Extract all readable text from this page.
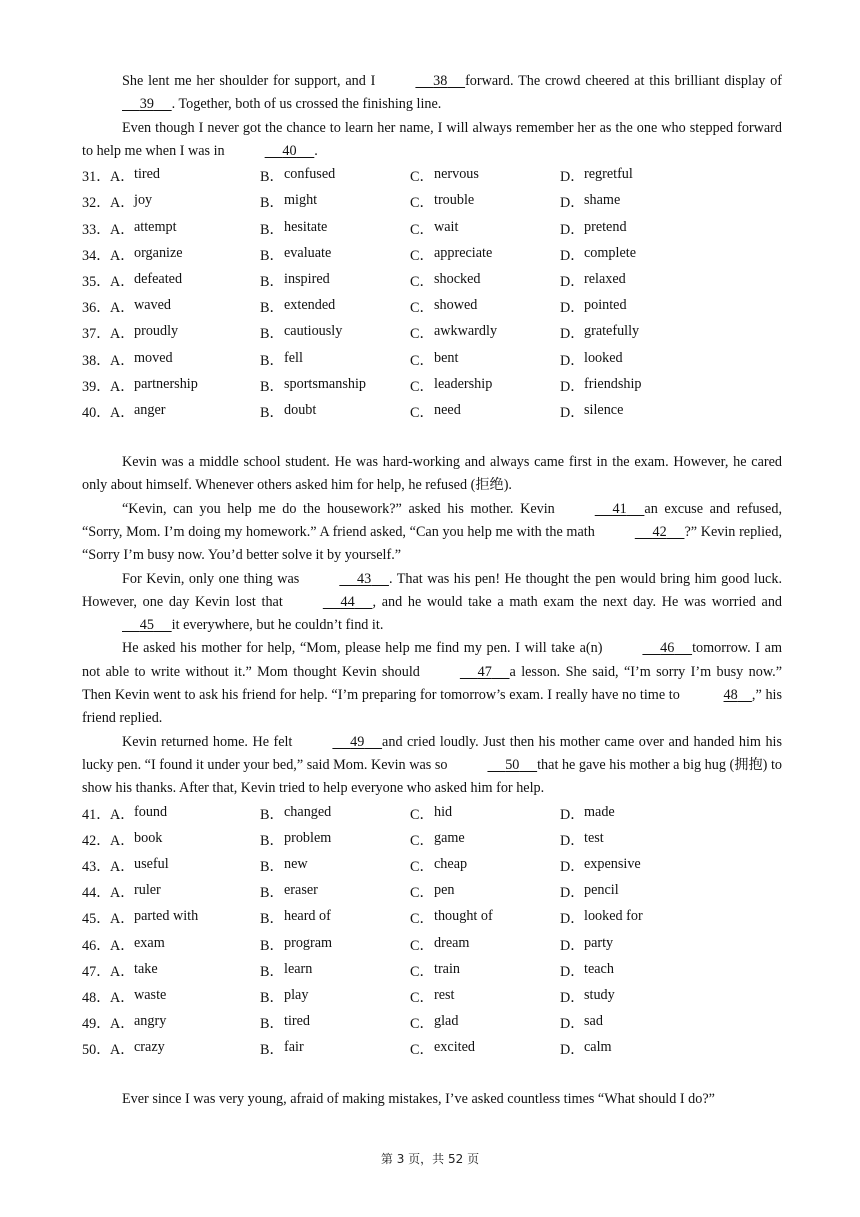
She lent me her shoulder for support, and I	38 forward. The crowd cheered at this brilliant display of     39 . Together, both of us crossed the finishing line.

Even though I never got the chance to learn her name, I will always remember her as the one who stepped forward to help me when I was in	40 .

31． A． tired	B． confused	C． nervous	D． regretful
32． A． joy	B． might	C． trouble	D． shame
33． A． attempt	B． hesitate	C． wait	D． pretend
34． A． organize	B． evaluate	C． appreciate	D． complete
35． A． defeated	B． inspired	C． shocked	D． relaxed
36． A． waved	B． extended	C． showed	D． pointed
37． A． proudly	B． cautiously	C． awkwardly	D． gratefully
38． A． moved	B． fell	C． bent	D． looked
39． A． partnership	B． sportsmanship	C． leadership	D． friendship
40． A． anger	B． doubt	C． need	D． silence

Kevin was a middle school student. He was hard-working and always came first in the exam. However, he cared only about himself. Whenever others asked him for help, he refused (拒绝).

“Kevin, can you help me do the housework?” asked his mother. Kevin	41 an excuse and refused, “Sorry, Mom. I’m doing my homework.” A friend asked, “Can you help me with the math	42 ?” Kevin replied, “Sorry I’m busy now. You’d better solve it by yourself.”

For Kevin, only one thing was	43 . That was his pen! He thought the pen would bring him good luck. However, one day Kevin lost that	44 , and he would take a math exam the next day. He was worried and     45 it everywhere, but he couldn’t find it.

He asked his mother for help, “Mom, please help me find my pen. I will take a(n)	46 tomorrow. I am not able to write without it.” Mom thought Kevin should	47 a lesson. She said, “I’m sorry I’m busy now.” Then Kevin went to ask his friend for help. “I’m preparing for tomorrow’s exam. I really have no time to	48 ,” his friend replied.

Kevin returned home. He felt	49 and cried loudly. Just then his mother came over and handed him his lucky pen. “I found it under your bed,” said Mom. Kevin was so	50 that he gave his mother a big hug (拥抱) to show his thanks. After that, Kevin tried to help everyone who asked him for help.

41． A． found	B． changed	C． hid	D． made
42． A． book	B． problem	C． game	D． test
43． A． useful	B． new	C． cheap	D． expensive
44． A． ruler	B． eraser	C． pen	D． pencil
45． A． parted with	B． heard of	C． thought of	D． looked for
46． A． exam	B． program	C． dream	D． party
47． A． take	B． learn	C． train	D． teach
48． A． waste	B． play	C． rest	D． study
49． A． angry	B． tired	C． glad	D． sad
50． A． crazy	B． fair	C． excited	D． calm

Ever since I was very young, afraid of making mistakes, I’ve asked countless times “What should I do?”

第 3 页，共 52 页
